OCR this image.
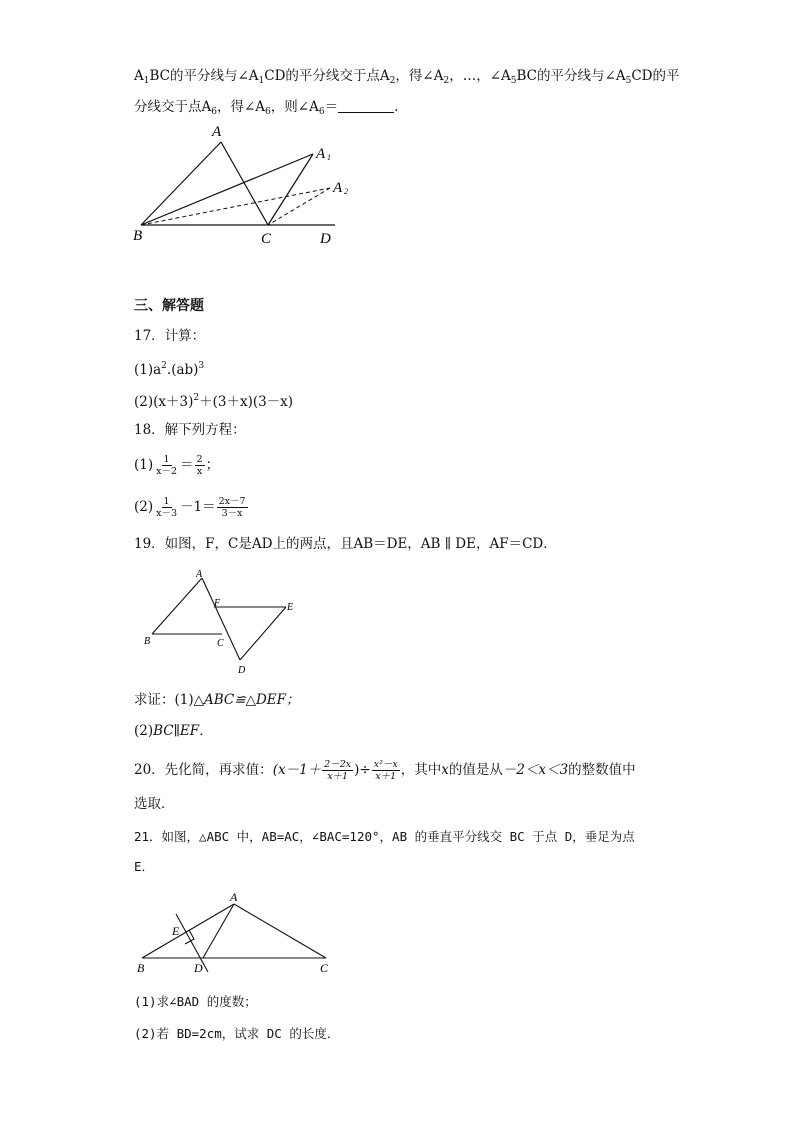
$A_1BC$的平分线与$\angle A_1CD$的平分线交于点$A_2$，得$\angle A_2$，…，$\angle A_5BC$的平分线与$\angle A_5CD$的平
分线交于点$A_6$，得$\angle A_6$，则$\angle A_6=$	.
A
A 1
A 2
B	C	D
三、解答题
17．计算：
$(1)a^2.(ab)^3$
$(2)(x+3)^2+(3+x)(3-x)$
18．解下列方程：
$(1) \frac{1}{x-2} = \frac{2}{x}$ ；
$(2) \frac{1}{x-3} -1= \frac{2x-7}{3-x}$
19．如图，F，C是AD上的两点，且AB＝DE，AB ∥ DE，AF＝CD．
A
B	C
D
E
F
求证：(1)△ABC≌△DEF；
(2)BC∥EF．
20．先化简，再求值：($x-1+ \frac{2-2x}{x+1}$ )÷ $\frac{\text{x²－x}}{x+1}$ ，其中x的值是从－2＜x＜3的整数值中
选取．
21．如图，△ABC 中，AB=AC，∠BAC=120°，AB 的垂直平分线交 BC 于点 D，垂足为点
E．
A
B	C
D
E
(1)求∠BAD 的度数；
(2)若 BD=2cm，试求 DC 的长度．
